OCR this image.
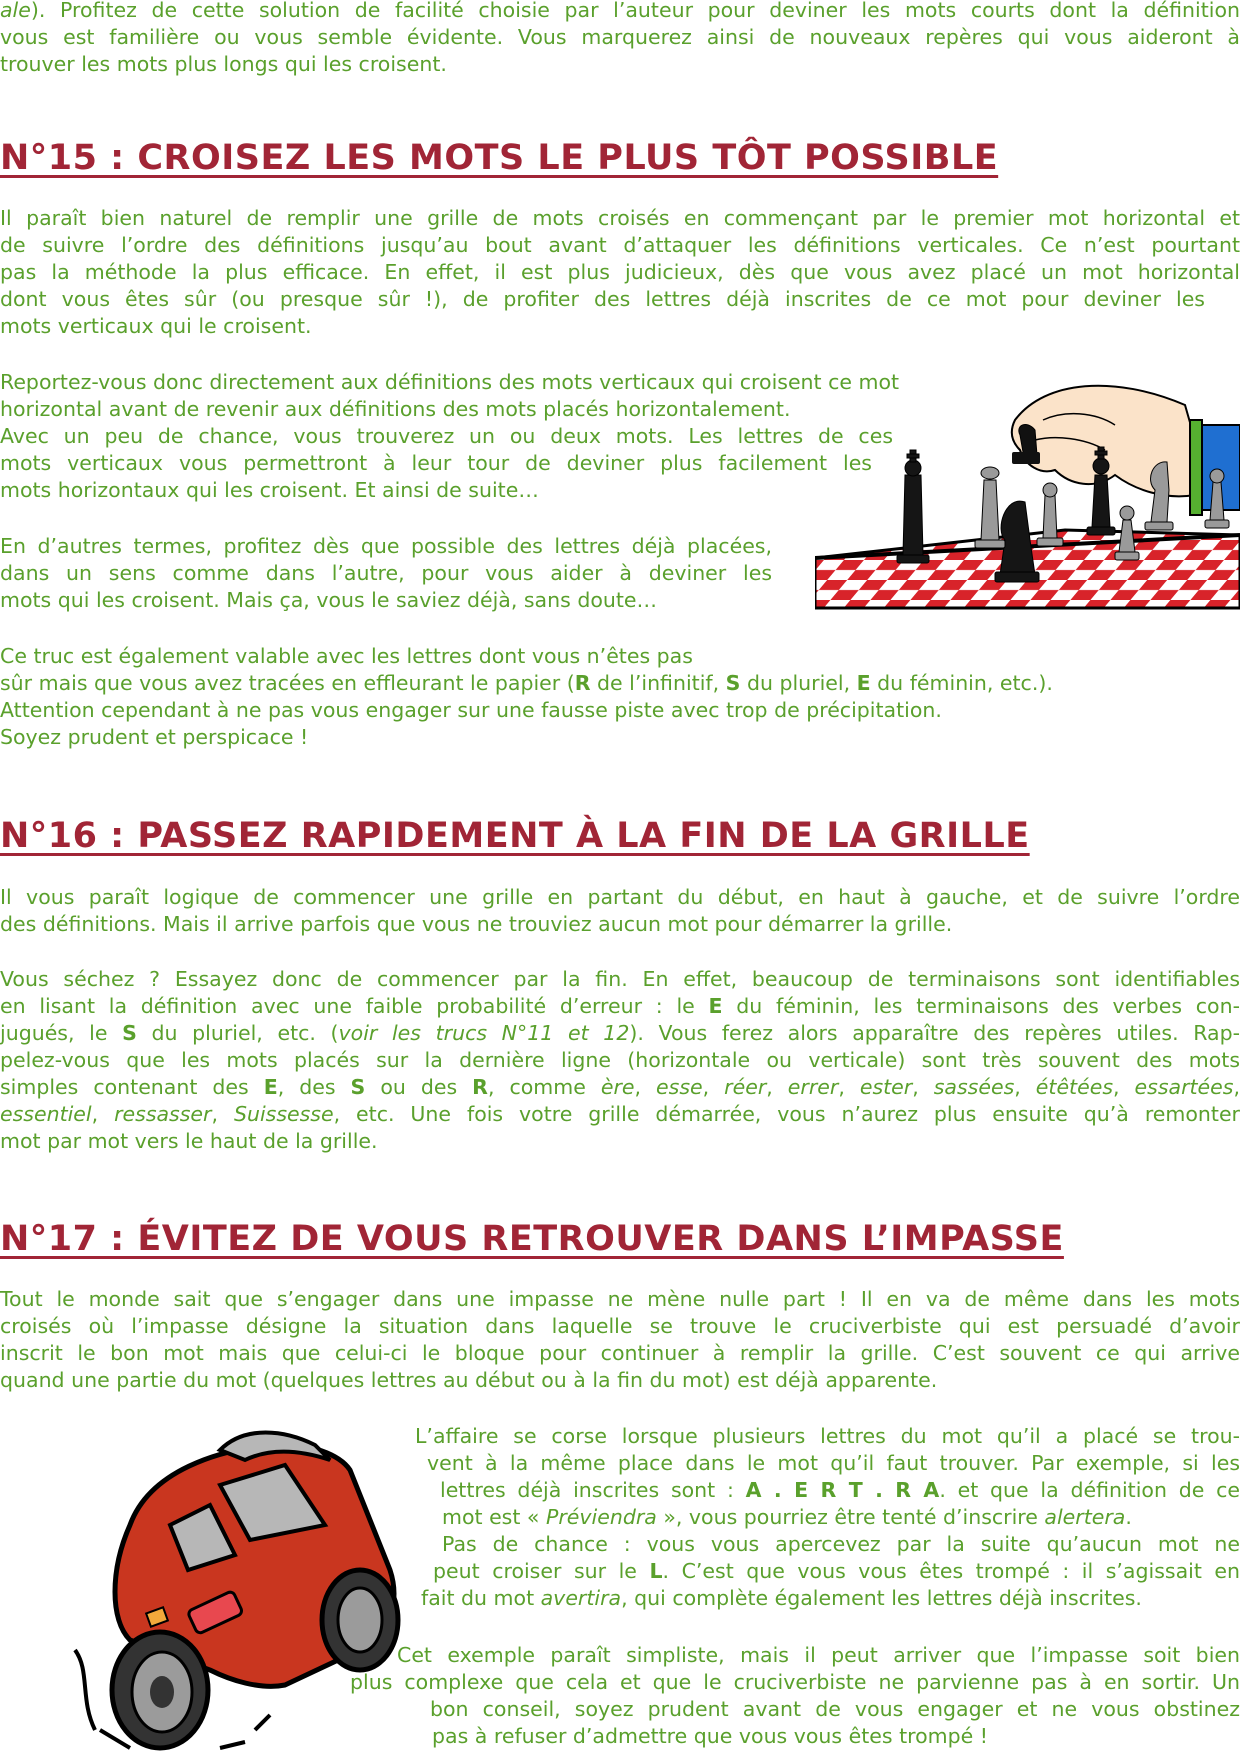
ale). Profitez de cette solution de facilité choisie par l’auteur pour deviner les mots courts dont la définition
vous est familière ou vous semble évidente. Vous marquerez ainsi de nouveaux repères qui vous aideront à
trouver les mots plus longs qui les croisent.
N°15 : CROISEZ LES MOTS LE PLUS TÔT POSSIBLE
Il paraît bien naturel de remplir une grille de mots croisés en commençant par le premier mot horizontal et
de suivre l’ordre des définitions jusqu’au bout avant d’attaquer les définitions verticales. Ce n’est pourtant
pas la méthode la plus efficace. En effet, il est plus judicieux, dès que vous avez placé un mot horizontal
dont vous êtes sûr (ou presque sûr !), de profiter des lettres déjà inscrites de ce mot pour deviner les
mots verticaux qui le croisent.
Reportez-vous donc directement aux définitions des mots verticaux qui croisent ce mot
horizontal avant de revenir aux définitions des mots placés horizontalement.
Avec un peu de chance, vous trouverez un ou deux mots. Les lettres de ces
mots verticaux vous permettront à leur tour de deviner plus facilement les
mots horizontaux qui les croisent. Et ainsi de suite…
En d’autres termes, profitez dès que possible des lettres déjà placées,
dans un sens comme dans l’autre, pour vous aider à deviner les
mots qui les croisent. Mais ça, vous le saviez déjà, sans doute…
Ce truc est également valable avec les lettres dont vous n’êtes pas
sûr mais que vous avez tracées en effleurant le papier (R de l’infinitif, S du pluriel, E du féminin, etc.).
Attention cependant à ne pas vous engager sur une fausse piste avec trop de précipitation.
Soyez prudent et perspicace !
N°16 : PASSEZ RAPIDEMENT À LA FIN DE LA GRILLE
Il vous paraît logique de commencer une grille en partant du début, en haut à gauche, et de suivre l’ordre
des définitions. Mais il arrive parfois que vous ne trouviez aucun mot pour démarrer la grille.
Vous séchez ? Essayez donc de commencer par la fin. En effet, beaucoup de terminaisons sont identifiables
en lisant la définition avec une faible probabilité d’erreur : le E du féminin, les terminaisons des verbes con-
jugués, le S du pluriel, etc. (voir les trucs N°11 et 12). Vous ferez alors apparaître des repères utiles. Rap-
pelez-vous que les mots placés sur la dernière ligne (horizontale ou verticale) sont très souvent des mots
simples contenant des E, des S ou des R, comme ère, esse, réer, errer, ester, sassées, étêtées, essartées,
essentiel, ressasser, Suissesse, etc. Une fois votre grille démarrée, vous n’aurez plus ensuite qu’à remonter
mot par mot vers le haut de la grille.
N°17 : ÉVITEZ DE VOUS RETROUVER DANS L’IMPASSE
Tout le monde sait que s’engager dans une impasse ne mène nulle part ! Il en va de même dans les mots
croisés où l’impasse désigne la situation dans laquelle se trouve le cruciverbiste qui est persuadé d’avoir
inscrit le bon mot mais que celui-ci le bloque pour continuer à remplir la grille. C’est souvent ce qui arrive
quand une partie du mot (quelques lettres au début ou à la fin du mot) est déjà apparente.
L’affaire se corse lorsque plusieurs lettres du mot qu’il a placé se trou-
vent à la même place dans le mot qu’il faut trouver. Par exemple, si les
lettres déjà inscrites sont : A . E R T . R A. et que la définition de ce
mot est « Préviendra », vous pourriez être tenté d’inscrire alertera.
Pas de chance : vous vous apercevez par la suite qu’aucun mot ne
peut croiser sur le L. C’est que vous vous êtes trompé : il s’agissait en
fait du mot avertira, qui complète également les lettres déjà inscrites.
Cet exemple paraît simpliste, mais il peut arriver que l’impasse soit bien
plus complexe que cela et que le cruciverbiste ne parvienne pas à en sortir. Un
bon conseil, soyez prudent avant de vous engager et ne vous obstinez
pas à refuser d’admettre que vous vous êtes trompé !
